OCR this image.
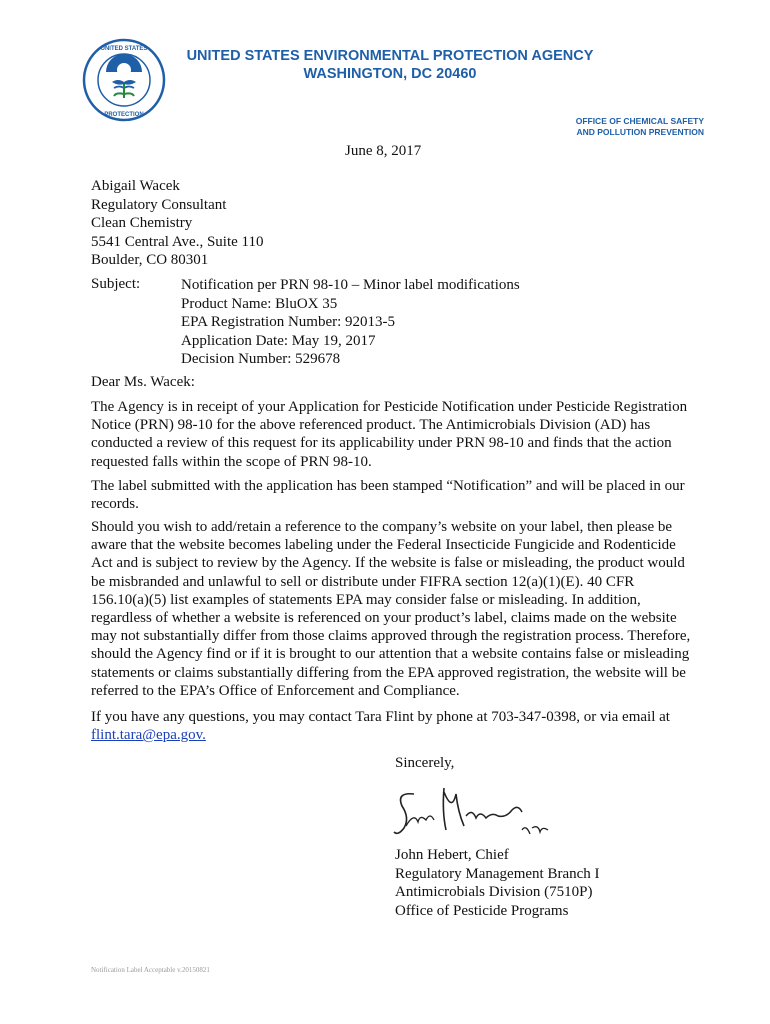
UNITED STATES
PROTECTION
UNITED STATES ENVIRONMENTAL PROTECTION AGENCY
WASHINGTON, DC 20460
OFFICE OF CHEMICAL SAFETY
AND POLLUTION PREVENTION
June 8, 2017
Abigail Wacek
Regulatory Consultant
Clean Chemistry
5541 Central Ave., Suite 110
Boulder, CO 80301
Subject:	Notification per PRN 98-10 – Minor label modifications
Product Name: BluOX 35
EPA Registration Number: 92013-5
Application Date: May 19, 2017
Decision Number: 529678
Dear Ms. Wacek:
The Agency is in receipt of your Application for Pesticide Notification under Pesticide Registration Notice (PRN) 98-10 for the above referenced product. The Antimicrobials Division (AD) has conducted a review of this request for its applicability under PRN 98-10 and finds that the action requested falls within the scope of PRN 98-10.
The label submitted with the application has been stamped “Notification” and will be placed in our records.
Should you wish to add/retain a reference to the company’s website on your label, then please be aware that the website becomes labeling under the Federal Insecticide Fungicide and Rodenticide Act and is subject to review by the Agency. If the website is false or misleading, the product would be misbranded and unlawful to sell or distribute under FIFRA section 12(a)(1)(E). 40 CFR 156.10(a)(5) list examples of statements EPA may consider false or misleading. In addition, regardless of whether a website is referenced on your product’s label, claims made on the website may not substantially differ from those claims approved through the registration process. Therefore, should the Agency find or if it is brought to our attention that a website contains false or misleading statements or claims substantially differing from the EPA approved registration, the website will be referred to the EPA’s Office of Enforcement and Compliance.
If you have any questions, you may contact Tara Flint by phone at 703-347-0398, or via email at flint.tara@epa.gov.
Sincerely,
John Hebert, Chief
Regulatory Management Branch I
Antimicrobials Division (7510P)
Office of Pesticide Programs
Notification Label Acceptable v.20150821
